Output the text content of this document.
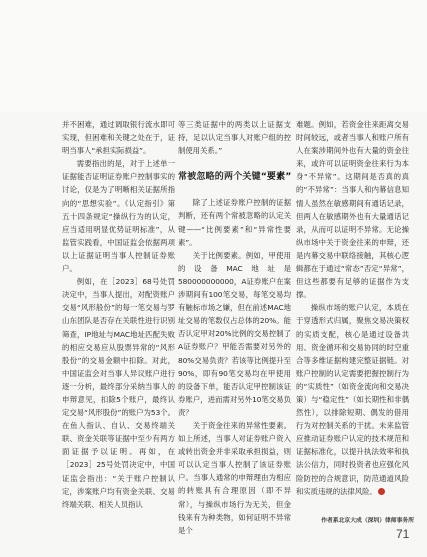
并不困难，通过调取银行流水即可实现，但困难和关键之处在于，证明当事人“承担实际损益”。

需要指出的是，对于上述单一证据能否证明证券账户控制事实的讨论，仅是为了明晰相关证据所指向的“思想实验”。《认定指引》第五十四条规定“操纵行为的认定，应当适用明显优势证明标准”，从监管实践看，中国证监会依据两项以上证据证明当事人控制证券账户。

例如，在［2023］68号处罚决定中，当事人提出，对配资账户交易“风形般份”的每一笔交易与罗山东团队是否存在关联性进行识别筛查，IP地址与MAC地址匹配失败的相应交易应从股票异常的“风形股份”的交易金额中扣除。对此，中国证监会对当事人异议账户进行逐一分析，最终部分采纳当事人的申辩意见，扣除5个账户，最终认定交易“风形股份”的账户为53个。在鱼人指认、自认、交易终端关联、资金关联等证据中至少有两方面证据予以证明。再如，在［2023］25号处罚决定中，中国证监会指出：“关于账户控制认定，涉案账户均有资金关联、交易终端关联、相关人员指认

等三类证据中的两类以上证据支持，足以认定当事人对账户组的控制使用关系。”

常被忽略的两个关键“要素”

除了上述证券账户控制的证据判断，还有两个常被忽略的认定关键——“比例要素”和“异常性要素”。

关于比例要素。例如，甲使用的设备MAC地址是580000000000，A证券账户在案涉期间有100笔交易，每笔交易均有触标市场之嫌，但在前述MAC地址交易的笔数仅占总体的20%。能否认定甲对20%比例的交易控制了A证券账户？甲能否需要对另外的80%交易负责？若该等比例提升至90%，即有90笔交易均在甲使用的设备下单，能否认定甲控制该证券账户，进而需对另外10笔交易负责？

关于资金往来的异常性要素。如上所述，当事人对证券账户资入或转出资金并非采取承担损益，则可以认定当事人控制了该证券账户。当事人通常的申辩理由为相应的转账具有合理原因（即不异常），与操纵市场行为无关，但金钱来有为种类物，如何证明不异常是个

难题。例如，若资金往来距离交易时间较远，或者当事人和账户所有人在案涉期间外也有大量的资金往来，或许可以证明资金往来行为本身“不异常”。这期间是否真的真的“不异常”：当事人和内幕信息知情人虽然在敏感期间有通话记录，但两人在敏感期外也有大量通话记录，从而可以证明不异常。无论操纵市场中关于资金往来的申辩，还是内幕交易中联络接触，其核心逻辑都在于通过“常态”否定“异常”，但这些都要有足够的证据作为支撑。

操纵市场的账户认定，本质在于穿透形式归属，聚焦交易决策权的实质支配，核心是通过设备共用、资金循环和交易协同的时空重合等多维证据构建完整证据链。对账户控制的认定需要把握控制行为的“实质性”（如资金流向和交易决策）与“稳定性”（如长期性和非偶然性），以排除短期、偶发的借用行为对控制关系的干扰。未来监管应推动证券账户认定的技术规范和证据标准化，以提升执法效率和执法公信力，同时投资者也应强化风险防控的合规意识，防范通道风险和实质违规的法律风险。

作者系北京大成（深圳）律师事务所
71
